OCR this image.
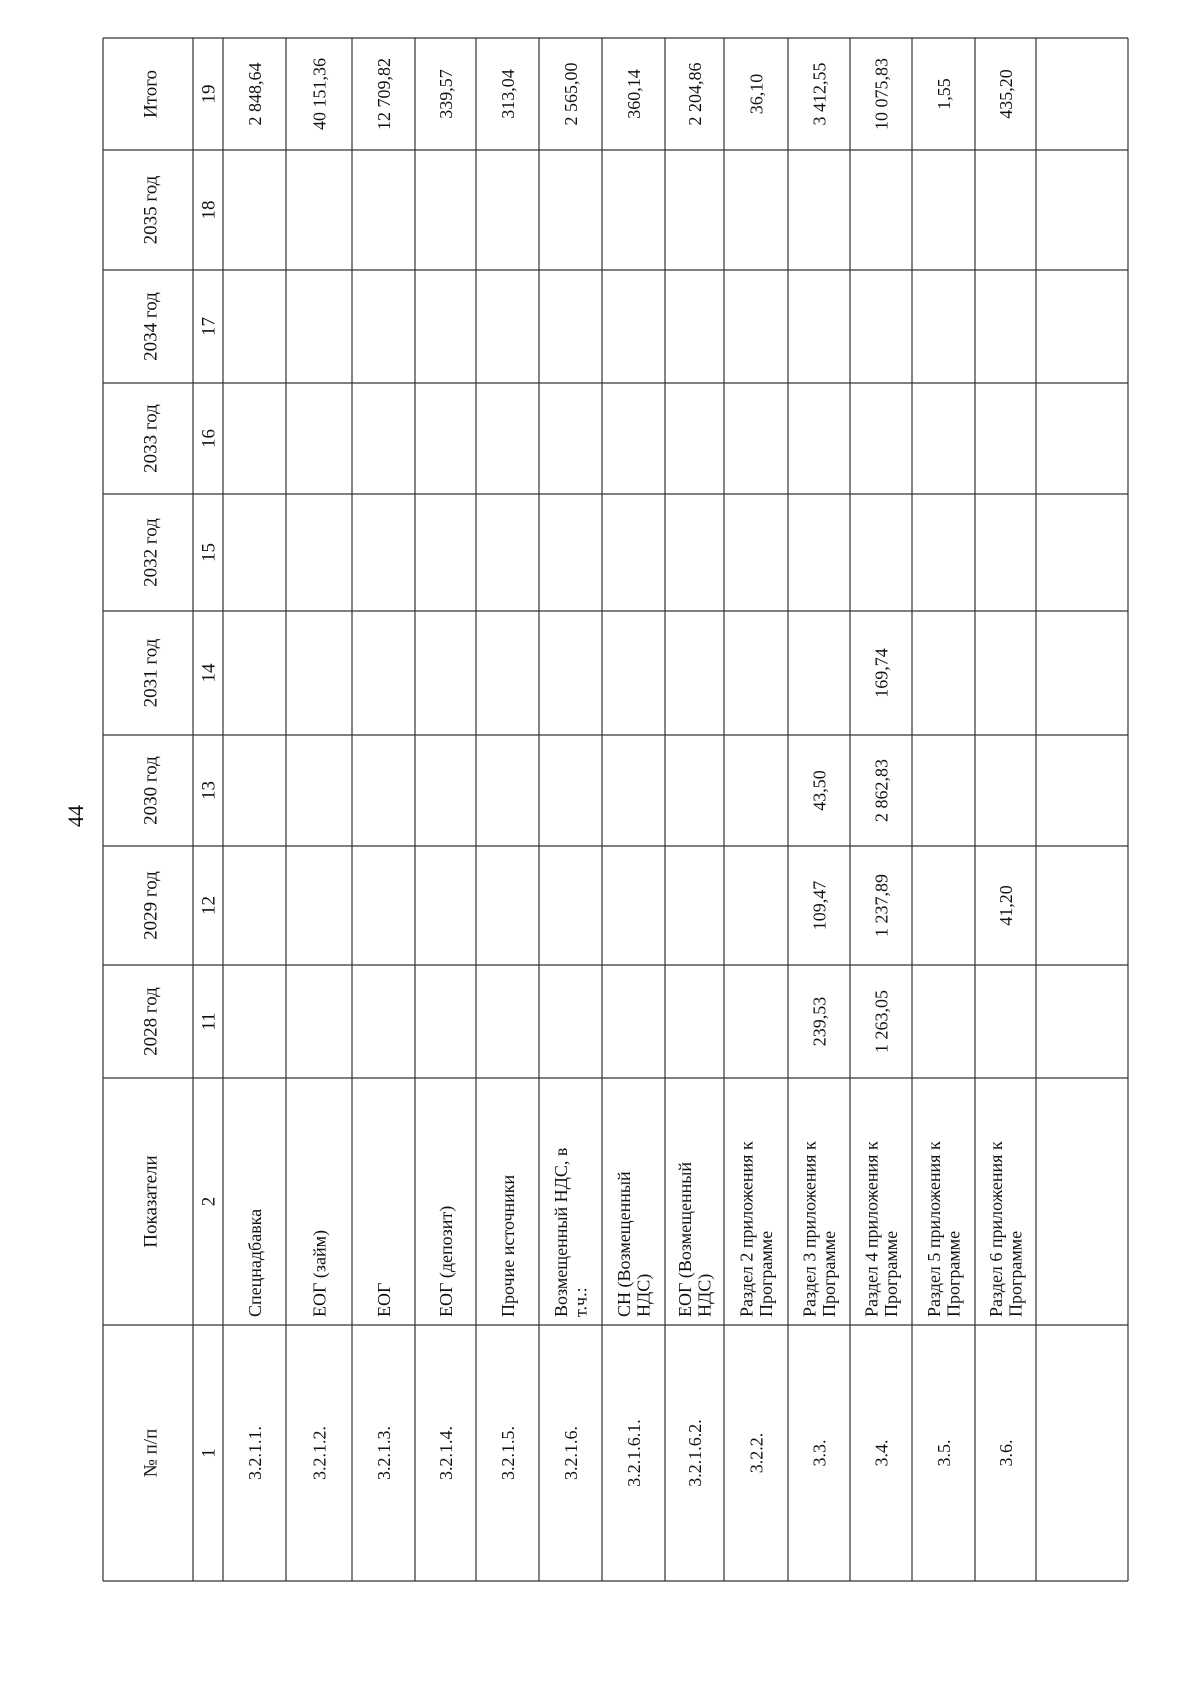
44
№ п/п 1
Показатели 2
2028 год 11
2029 год 12
2030 год 13
2031 год 14
2032 год 15
2033 год 16
2034 год 17
2035 год 18
Итого 19
3.2.1.1.
Спецнадбавка
2 848,64
3.2.1.2.
ЕОГ (займ)
40 151,36
3.2.1.3.
ЕОГ
12 709,82
3.2.1.4.
ЕОГ (депозит)
339,57
3.2.1.5.
Прочие источники
313,04
3.2.1.6.
Возмещенный НДС, вт.ч.:
2 565,00
3.2.1.6.1.
СН (ВозмещенныйНДС)
360,14
3.2.1.6.2.
ЕОГ (ВозмещенныйНДС)
2 204,86
3.2.2.
Раздел 2 приложения кПрограмме
36,10
3.3.
Раздел 3 приложения кПрограмме
239,53
109,47
43,50
3 412,55
3.4.
Раздел 4 приложения кПрограмме
1 263,05
1 237,89
2 862,83
169,74
10 075,83
3.5.
Раздел 5 приложения кПрограмме
1,55
3.6.
Раздел 6 приложения кПрограмме
41,20
435,20
